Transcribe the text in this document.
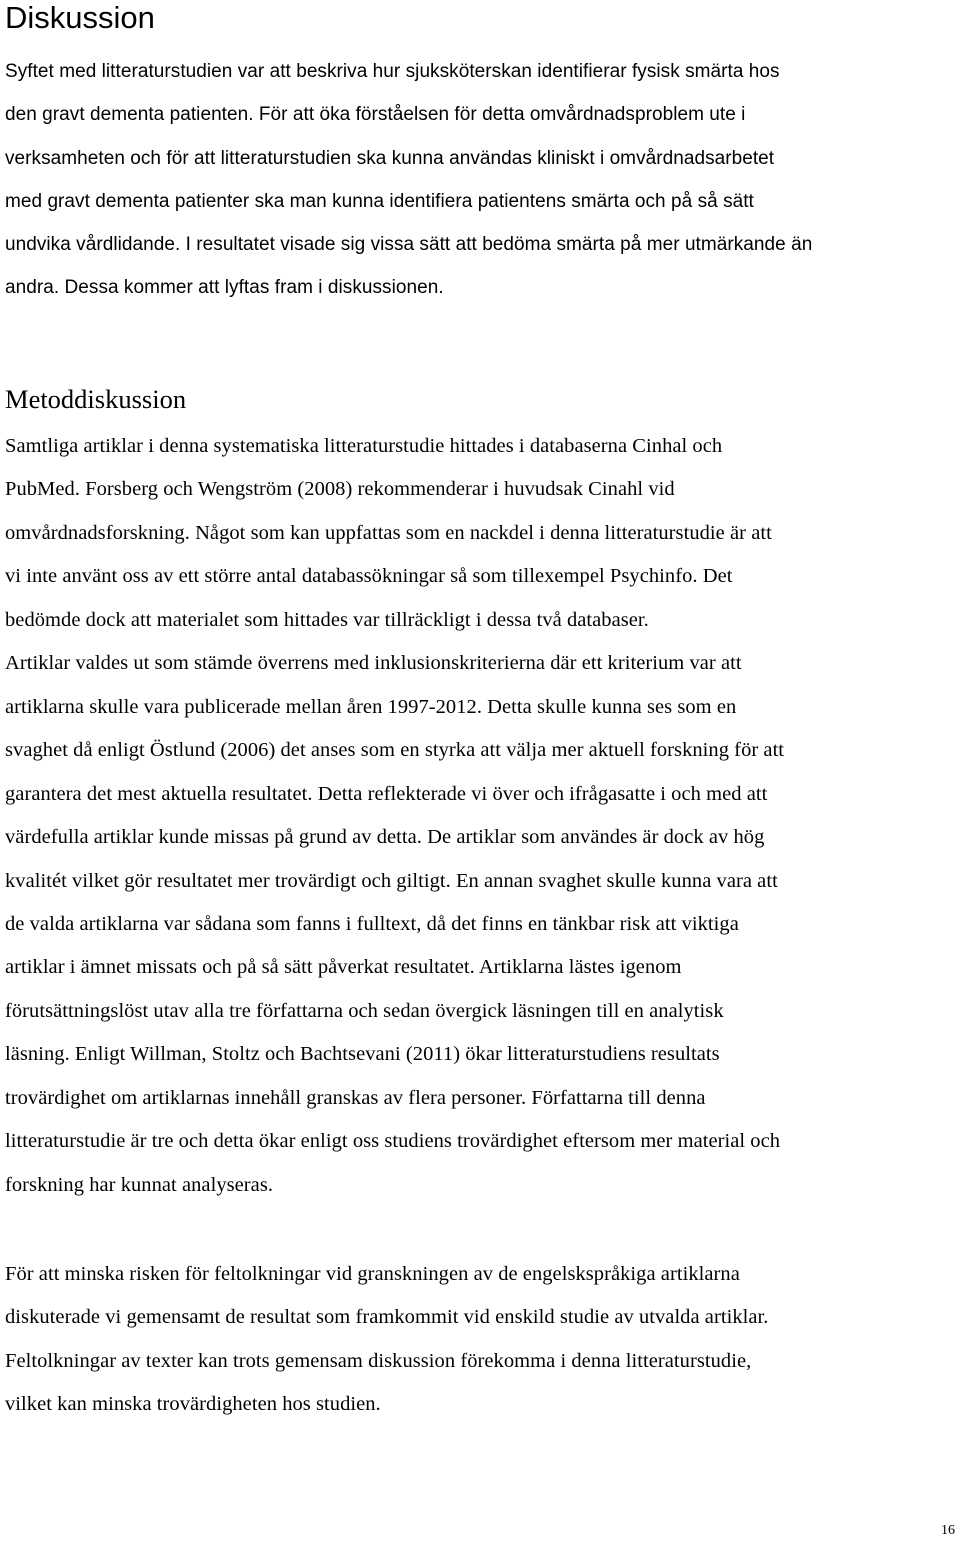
Diskussion

Syftet med litteraturstudien var att beskriva hur sjuksköterskan identifierar fysisk smärta hos
den gravt dementa patienten. För att öka förståelsen för detta omvårdnadsproblem ute i
verksamheten och för att litteraturstudien ska kunna användas kliniskt i omvårdnadsarbetet
med gravt dementa patienter ska man kunna identifiera patientens smärta och på så sätt
undvika vårdlidande. I resultatet visade sig vissa sätt att bedöma smärta på mer utmärkande än
andra. Dessa kommer att lyftas fram i diskussionen.

Metoddiskussion

Samtliga artiklar i denna systematiska litteraturstudie hittades i databaserna Cinhal och
PubMed. Forsberg och Wengström (2008) rekommenderar i huvudsak Cinahl vid
omvårdnadsforskning. Något som kan uppfattas som en nackdel i denna litteraturstudie är att
vi inte använt oss av ett större antal databassökningar så som tillexempel Psychinfo. Det
bedömde dock att materialet som hittades var tillräckligt i dessa två databaser.
Artiklar valdes ut som stämde överrens med inklusionskriterierna där ett kriterium var att
artiklarna skulle vara publicerade mellan åren 1997-2012. Detta skulle kunna ses som en
svaghet då enligt Östlund (2006) det anses som en styrka att välja mer aktuell forskning för att
garantera det mest aktuella resultatet. Detta reflekterade vi över och ifrågasatte i och med att
värdefulla artiklar kunde missas på grund av detta. De artiklar som användes är dock av hög
kvalitét vilket gör resultatet mer trovärdigt och giltigt. En annan svaghet skulle kunna vara att
de valda artiklarna var sådana som fanns i fulltext, då det finns en tänkbar risk att viktiga
artiklar i ämnet missats och på så sätt påverkat resultatet. Artiklarna lästes igenom
förutsättningslöst utav alla tre författarna och sedan övergick läsningen till en analytisk
läsning. Enligt Willman, Stoltz och Bachtsevani (2011) ökar litteraturstudiens resultats
trovärdighet om artiklarnas innehåll granskas av flera personer. Författarna till denna
litteraturstudie är tre och detta ökar enligt oss studiens trovärdighet eftersom mer material och
forskning har kunnat analyseras.

För att minska risken för feltolkningar vid granskningen av de engelskspråkiga artiklarna
diskuterade vi gemensamt de resultat som framkommit vid enskild studie av utvalda artiklar.
Feltolkningar av texter kan trots gemensam diskussion förekomma i denna litteraturstudie,
vilket kan minska trovärdigheten hos studien.

16
